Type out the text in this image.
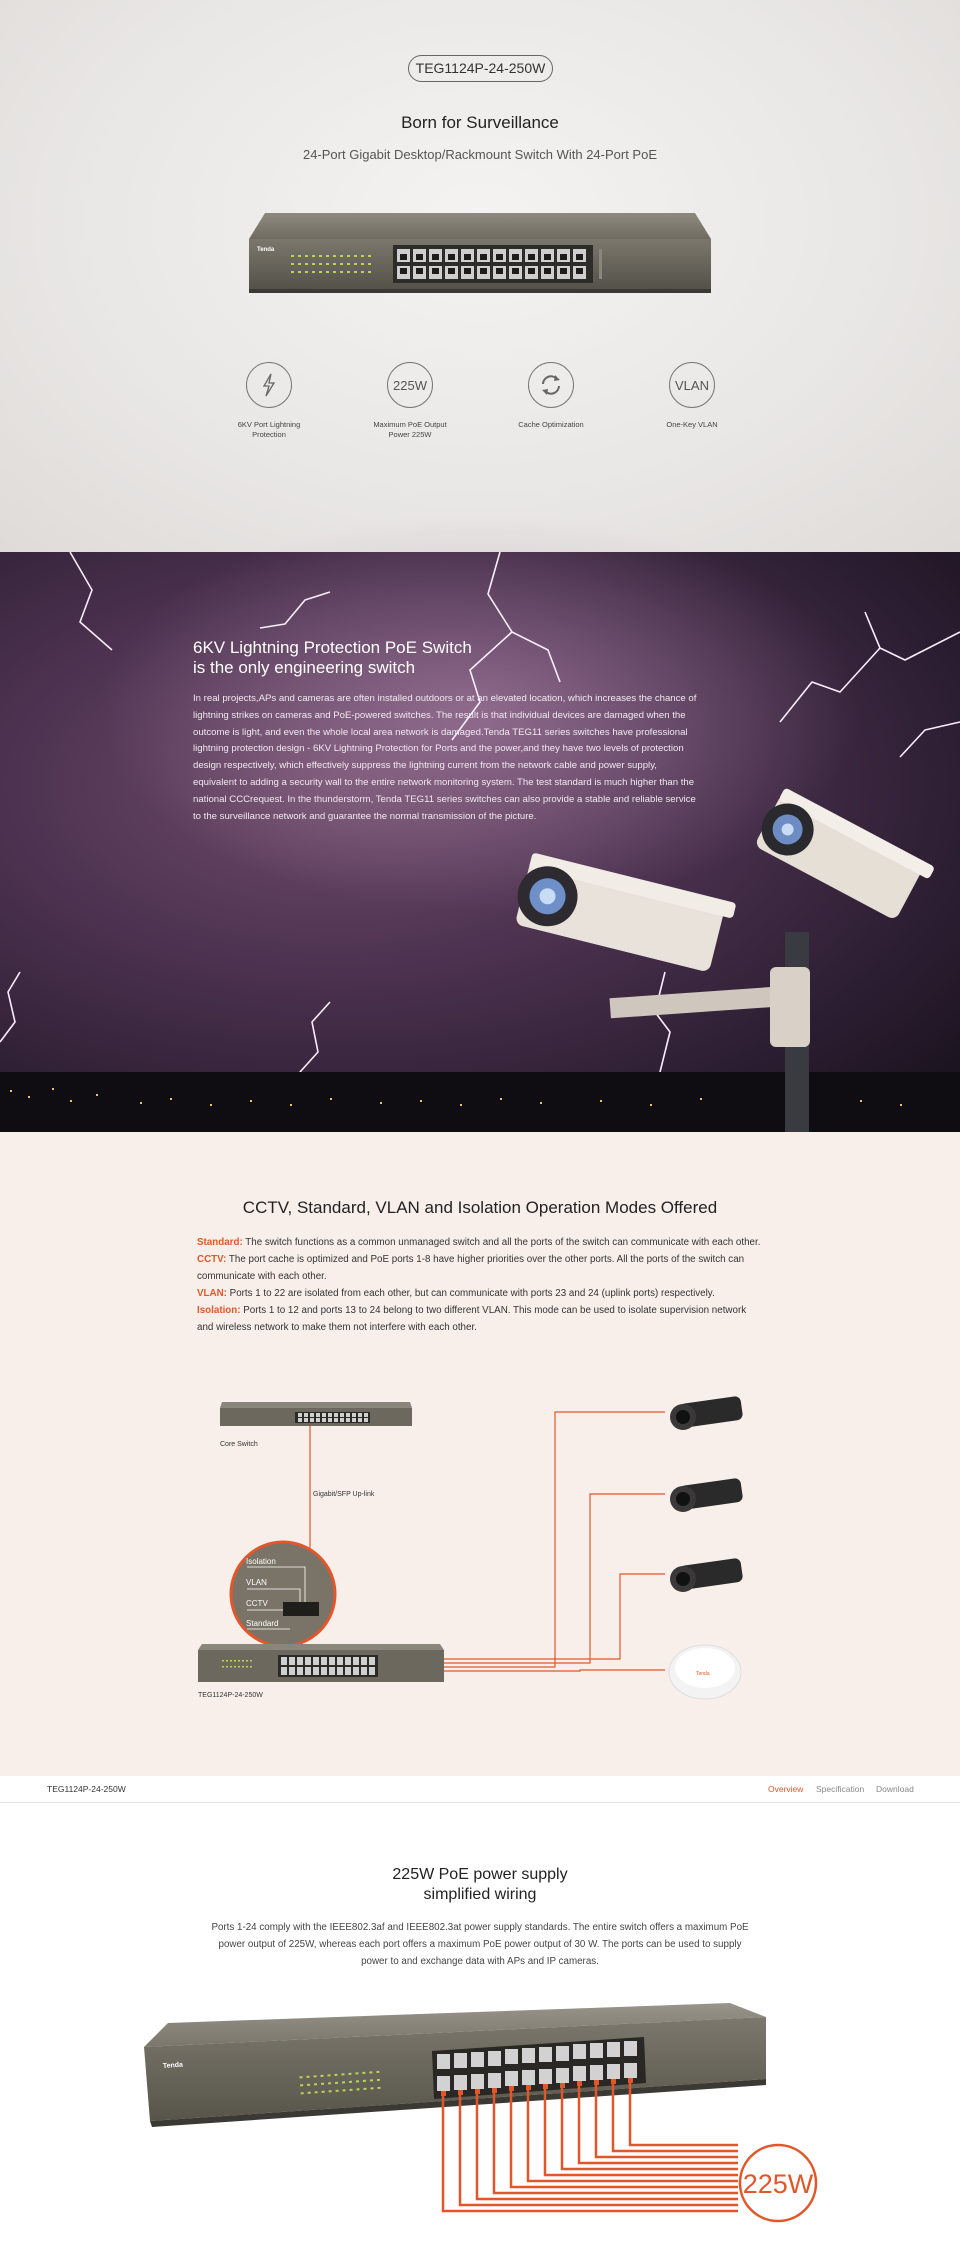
TEG1124P-24-250W
Born for Surveillance
24-Port Gigabit Desktop/Rackmount Switch With 24-Port PoE
Tenda
6KV Port Lightning Protection
225W
Maximum PoE Output Power 225W
Cache Optimization
VLAN
One-Key VLAN
6KV Lightning Protection PoE Switch
is the only engineering switch
In real projects,APs and cameras are often installed outdoors or at an elevated location, which increases the chance of lightning strikes on cameras and PoE-powered switches. The result is that individual devices are damaged when the outcome is light, and even the whole local area network is damaged.Tenda TEG11 series switches have professional lightning protection design - 6KV Lightning Protection for Ports and the power,and they have two levels of protection design respectively, which effectively suppress the lightning current from the network cable and power supply, equivalent to adding a security wall to the entire network monitoring system. The test standard is much higher than the national CCCrequest. In the thunderstorm, Tenda TEG11 series switches can also provide a stable and reliable service to the surveillance network and guarantee the normal transmission of the picture.
CCTV, Standard, VLAN and Isolation Operation Modes Offered

Standard: The switch functions as a common unmanaged switch and all the ports of the switch can communicate with each other.

CCTV: The port cache is optimized and PoE ports 1-8 have higher priorities over the other ports. All the ports of the switch can communicate with each other.

VLAN: Ports 1 to 22 are isolated from each other, but can communicate with ports 23 and 24 (uplink ports) respectively.

Isolation: Ports 1 to 12 and ports 13 to 24 belong to two different VLAN. This mode can be used to isolate supervision network and wireless network to make them not interfere with each other.

Core Switch
Gigabit/SFP Up-link
Isolation
VLAN
CCTV
Standard
TEG1124P-24-250W
Tenda
TEG1124P-24-250W	Overview Specification Download
225W PoE power supply
simplified wiring
Ports 1-24 comply with the IEEE802.3af and IEEE802.3at power supply standards. The entire switch offers a maximum PoE power output of 225W, whereas each port offers a maximum PoE power output of 30 W. The ports can be used to supply power to and exchange data with APs and IP cameras.
Tenda
225W
